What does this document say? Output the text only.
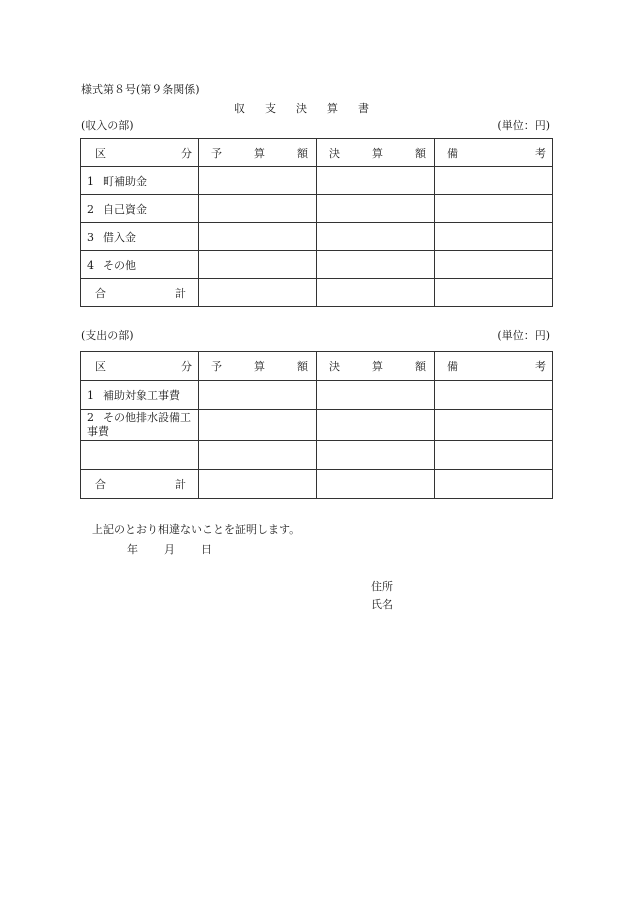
様式第８号(第９条関係)
収 支 決 算 書
(収入の部)	(単位：円)
区 分	予 算 額	決 算 額	備 考

1 町補助金			
2 自己資金			
3 借入金			
4 その他			

合 計			

(支出の部)	(単位：円)
区 分	予 算 額	決 算 額	備 考

1 補助対象工事費			
2 その他排水設備工事費			

合 計			

上記のとおり相違ないことを証明します。
年 月 日
住所
氏名
